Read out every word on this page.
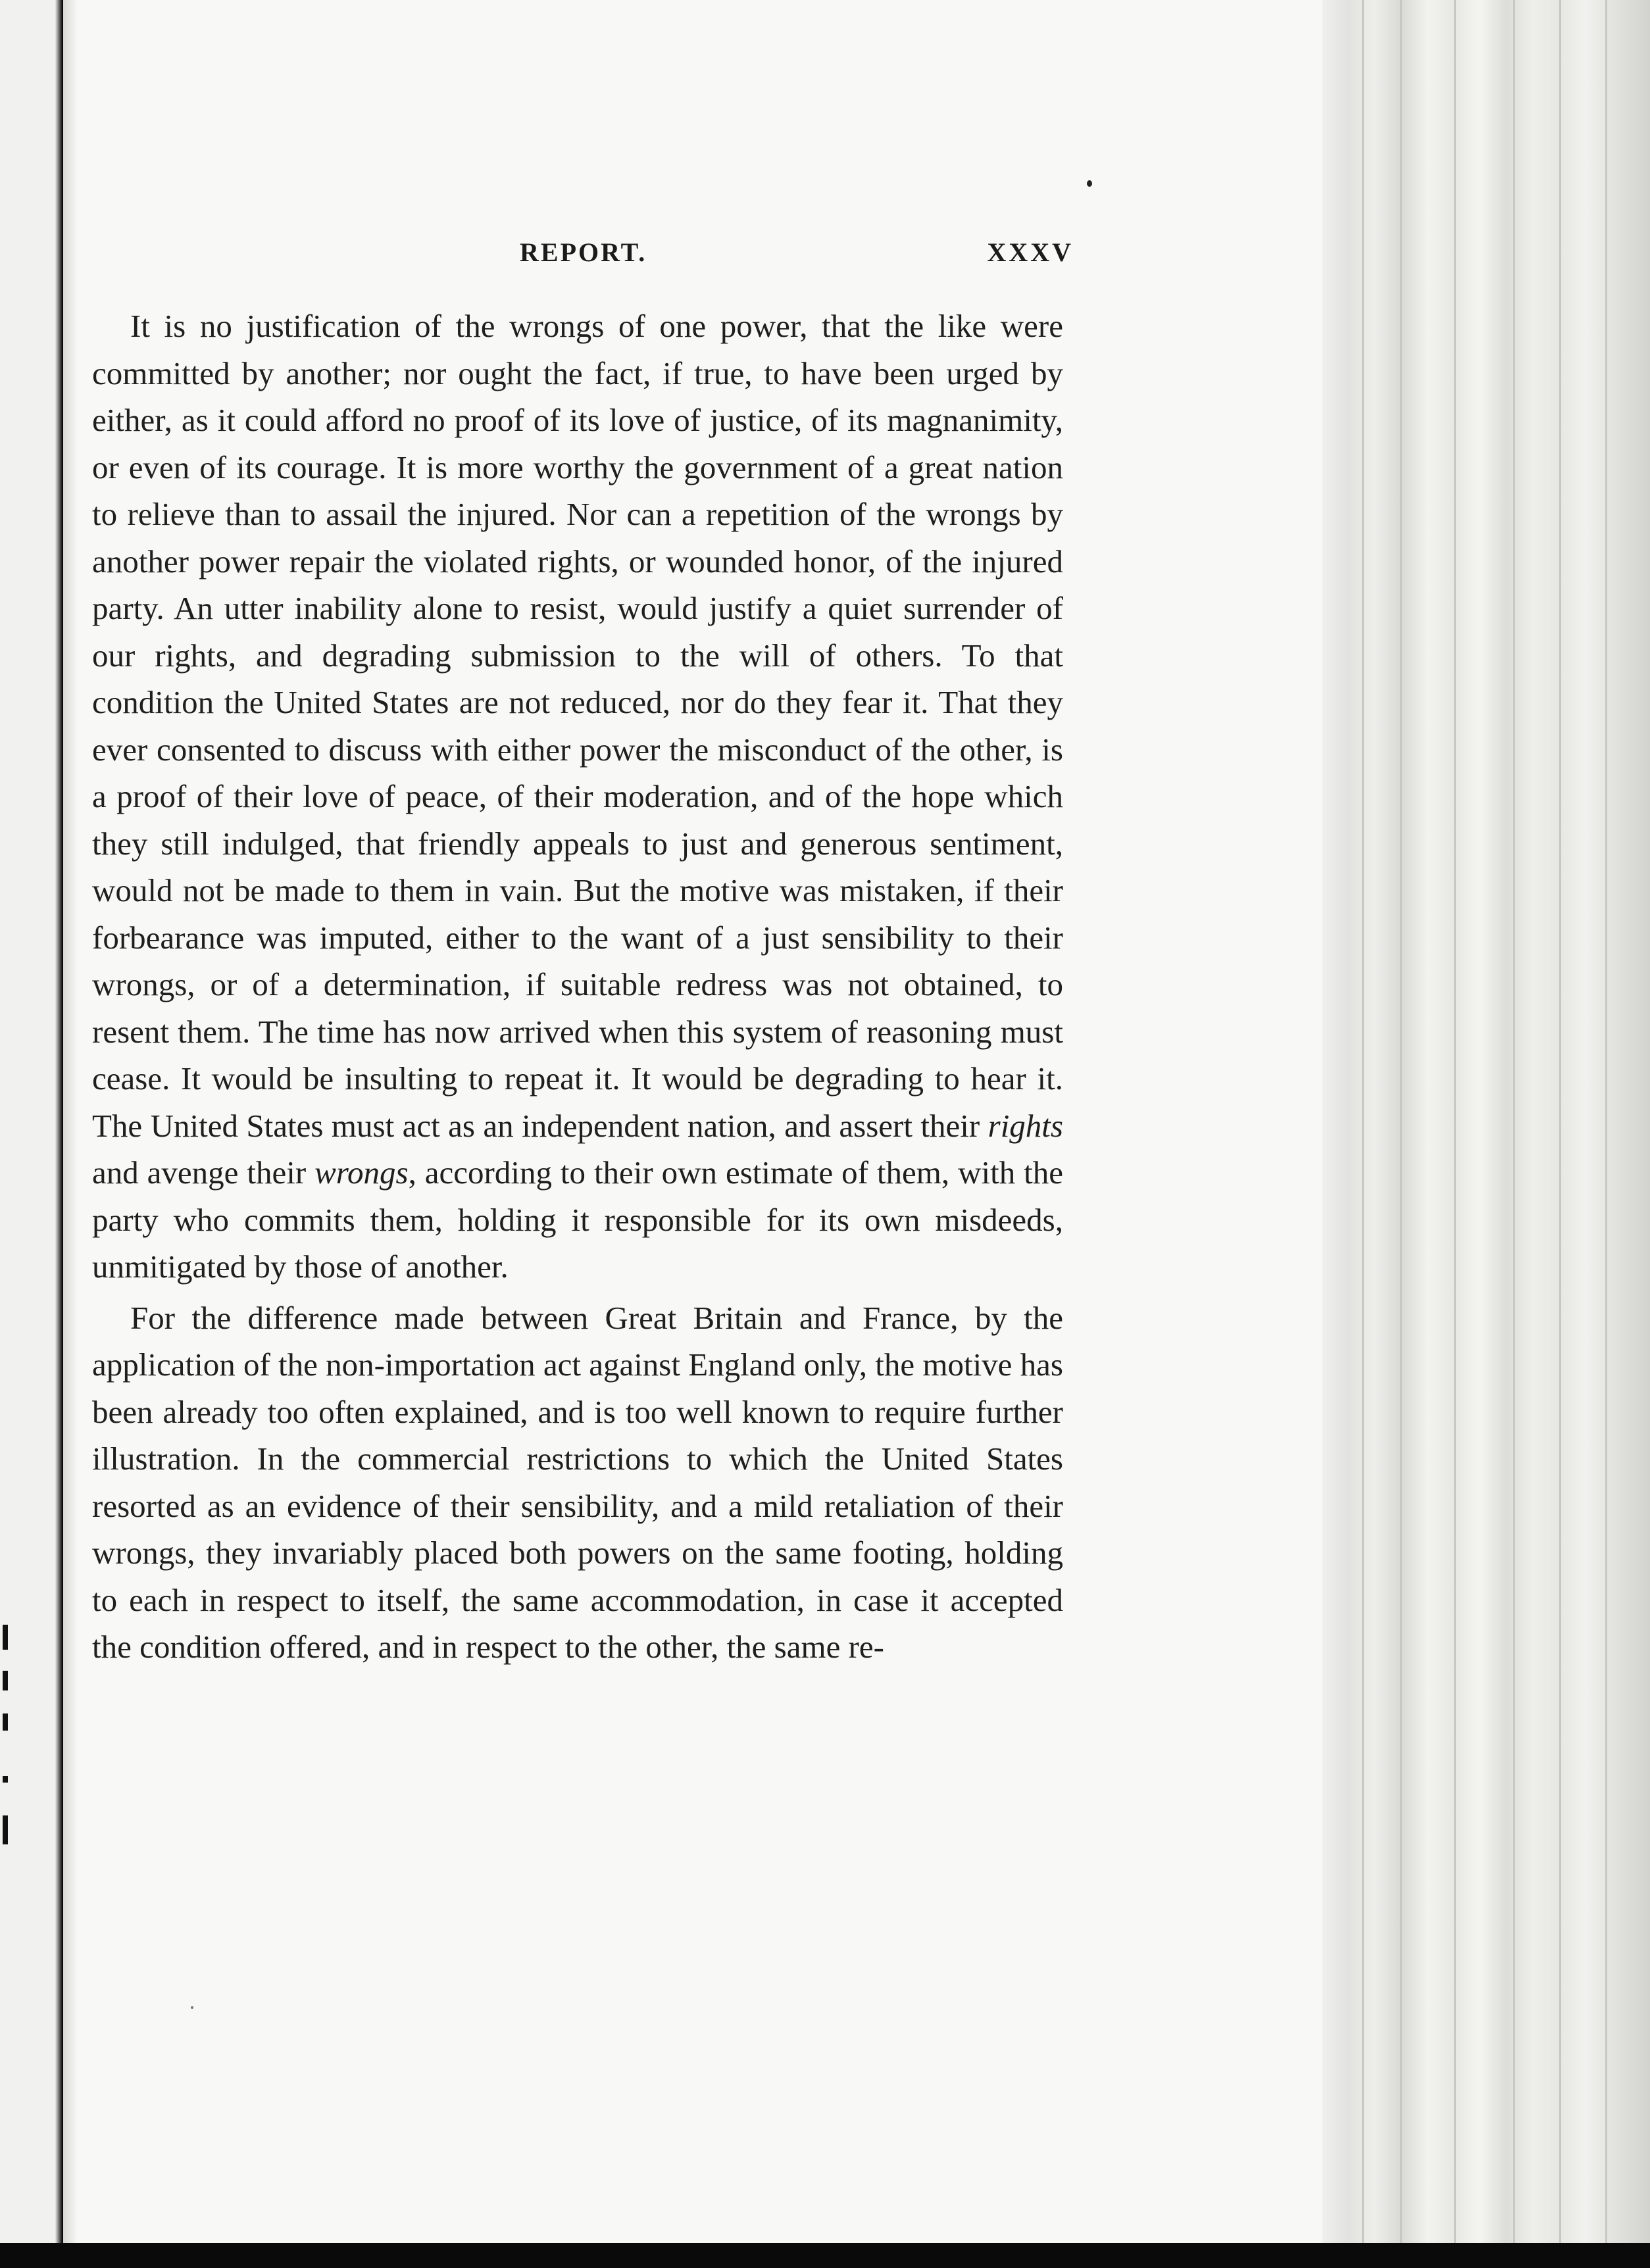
REPORT.	XXXV

It is no justification of the wrongs of one power, that the like were committed by another; nor ought the fact, if true, to have been urged by either, as it could afford no proof of its love of justice, of its magnanimity, or even of its courage. It is more worthy the government of a great nation to relieve than to assail the injured. Nor can a repetition of the wrongs by another power repair the violated rights, or wounded honor, of the injured party. An utter inability alone to resist, would justify a quiet surrender of our rights, and degrading submission to the will of others. To that condition the United States are not reduced, nor do they fear it. That they ever consented to discuss with either power the misconduct of the other, is a proof of their love of peace, of their moderation, and of the hope which they still indulged, that friendly appeals to just and generous sentiment, would not be made to them in vain. But the motive was mistaken, if their forbearance was imputed, either to the want of a just sensibility to their wrongs, or of a determination, if suitable redress was not obtained, to resent them. The time has now arrived when this system of reasoning must cease. It would be insulting to repeat it. It would be degrading to hear it. The United States must act as an independent nation, and assert their rights and avenge their wrongs, according to their own estimate of them, with the party who commits them, holding it responsible for its own misdeeds, unmitigated by those of another.

For the difference made between Great Britain and France, by the application of the non-importation act against England only, the motive has been already too often explained, and is too well known to require further illustration. In the commercial restrictions to which the United States resorted as an evidence of their sensibility, and a mild retaliation of their wrongs, they invariably placed both powers on the same footing, holding to each in respect to itself, the same accommodation, in case it accepted the condition offered, and in respect to the other, the same re-
